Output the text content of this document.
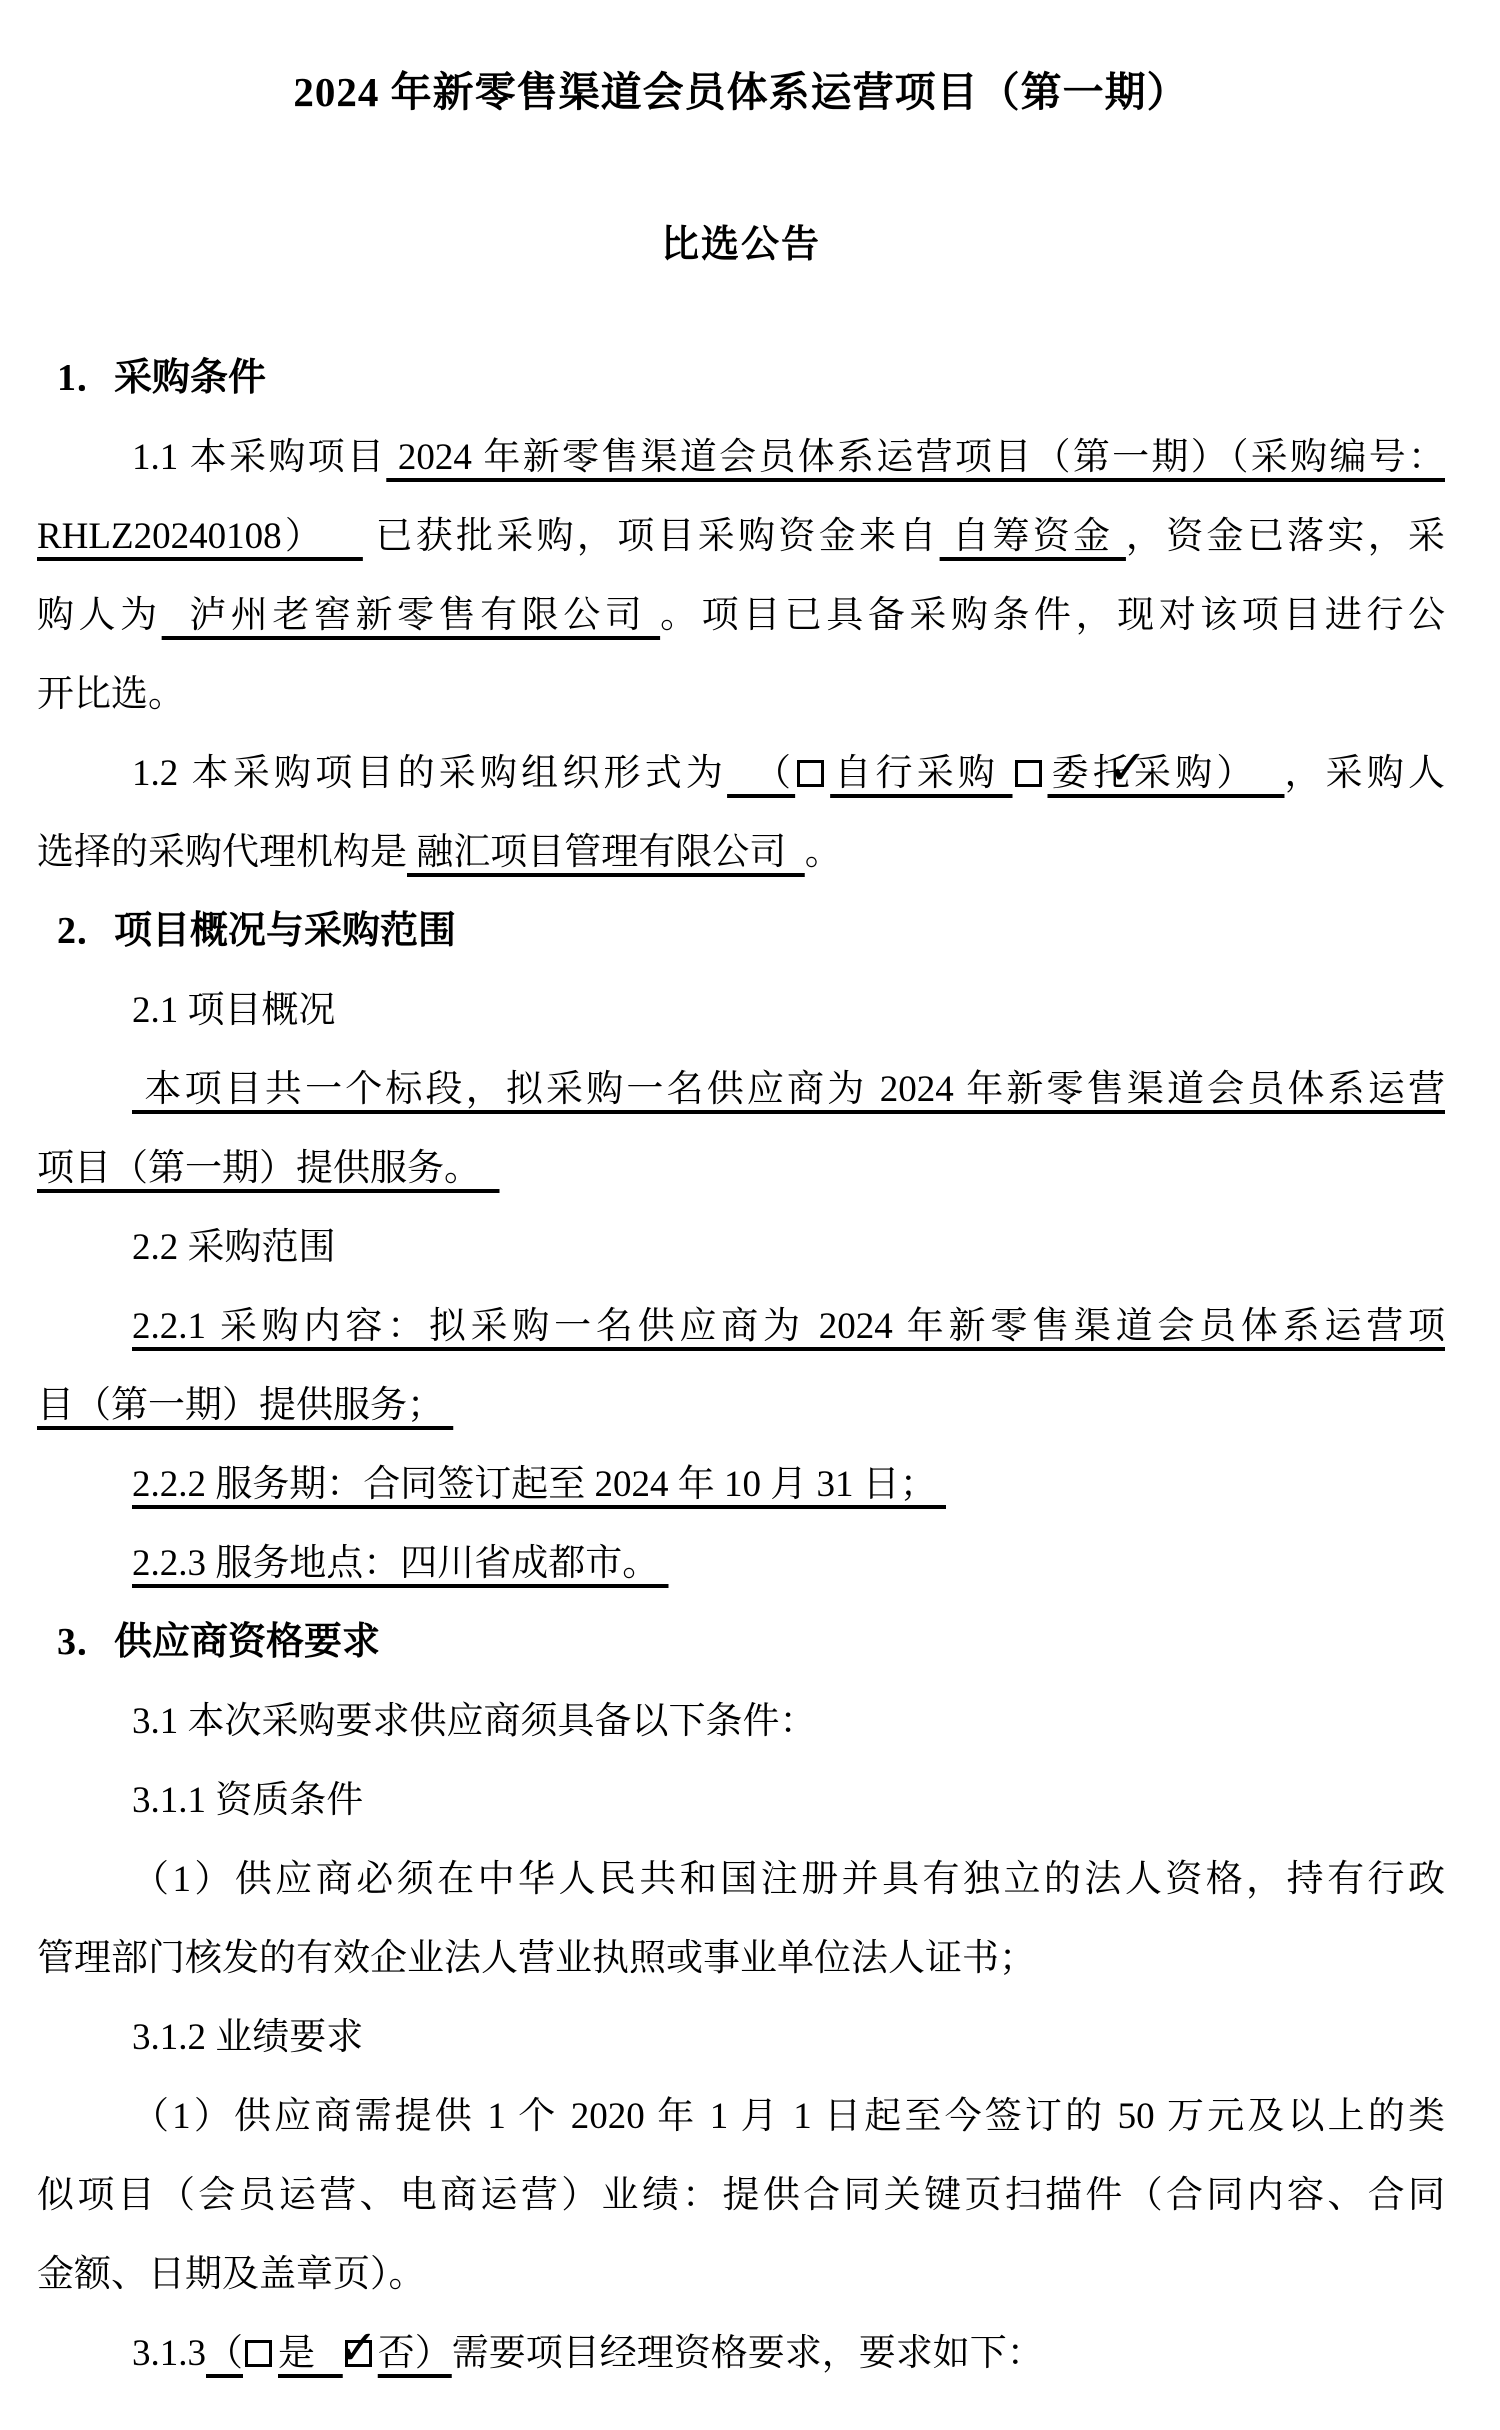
2024 年新零售渠道会员体系运营项目（第一期）
比选公告
1．采购条件
1.1 本采购项目 2024 年新零售渠道会员体系运营项目（第一期）（采购编号：
RHLZ20240108）    已获批采购，项目采购资金来自 自筹资金 ，资金已落实，采
购人为  泸州老窖新零售有限公司 。项目已具备采购条件，现对该项目进行公
开比选。
1.2 本采购项目的采购组织形式为  （ 自行采购 ✓委托采购）  ，采购人
选择的采购代理机构是 融汇项目管理有限公司  。
2．项目概况与采购范围
2.1 项目概况
本项目共一个标段，拟采购一名供应商为 2024 年新零售渠道会员体系运营
项目（第一期）提供服务。
2.2 采购范围
2.2.1 采购内容：拟采购一名供应商为 2024 年新零售渠道会员体系运营项
目（第一期）提供服务；
2.2.2 服务期：合同签订起至 2024 年 10 月 31 日；
2.2.3 服务地点：四川省成都市。
3．供应商资格要求
3.1 本次采购要求供应商须具备以下条件：
3.1.1 资质条件
（1）供应商必须在中华人民共和国注册并具有独立的法人资格，持有行政
管理部门核发的有效企业法人营业执照或事业单位法人证书；
3.1.2 业绩要求
（1）供应商需提供 1 个 2020 年 1 月 1 日起至今签订的 50 万元及以上的类
似项目（会员运营、电商运营）业绩：提供合同关键页扫描件（合同内容、合同
金额、日期及盖章页）。
3.1.3（ ✓ 是   否）需要项目经理资格要求，要求如下：
